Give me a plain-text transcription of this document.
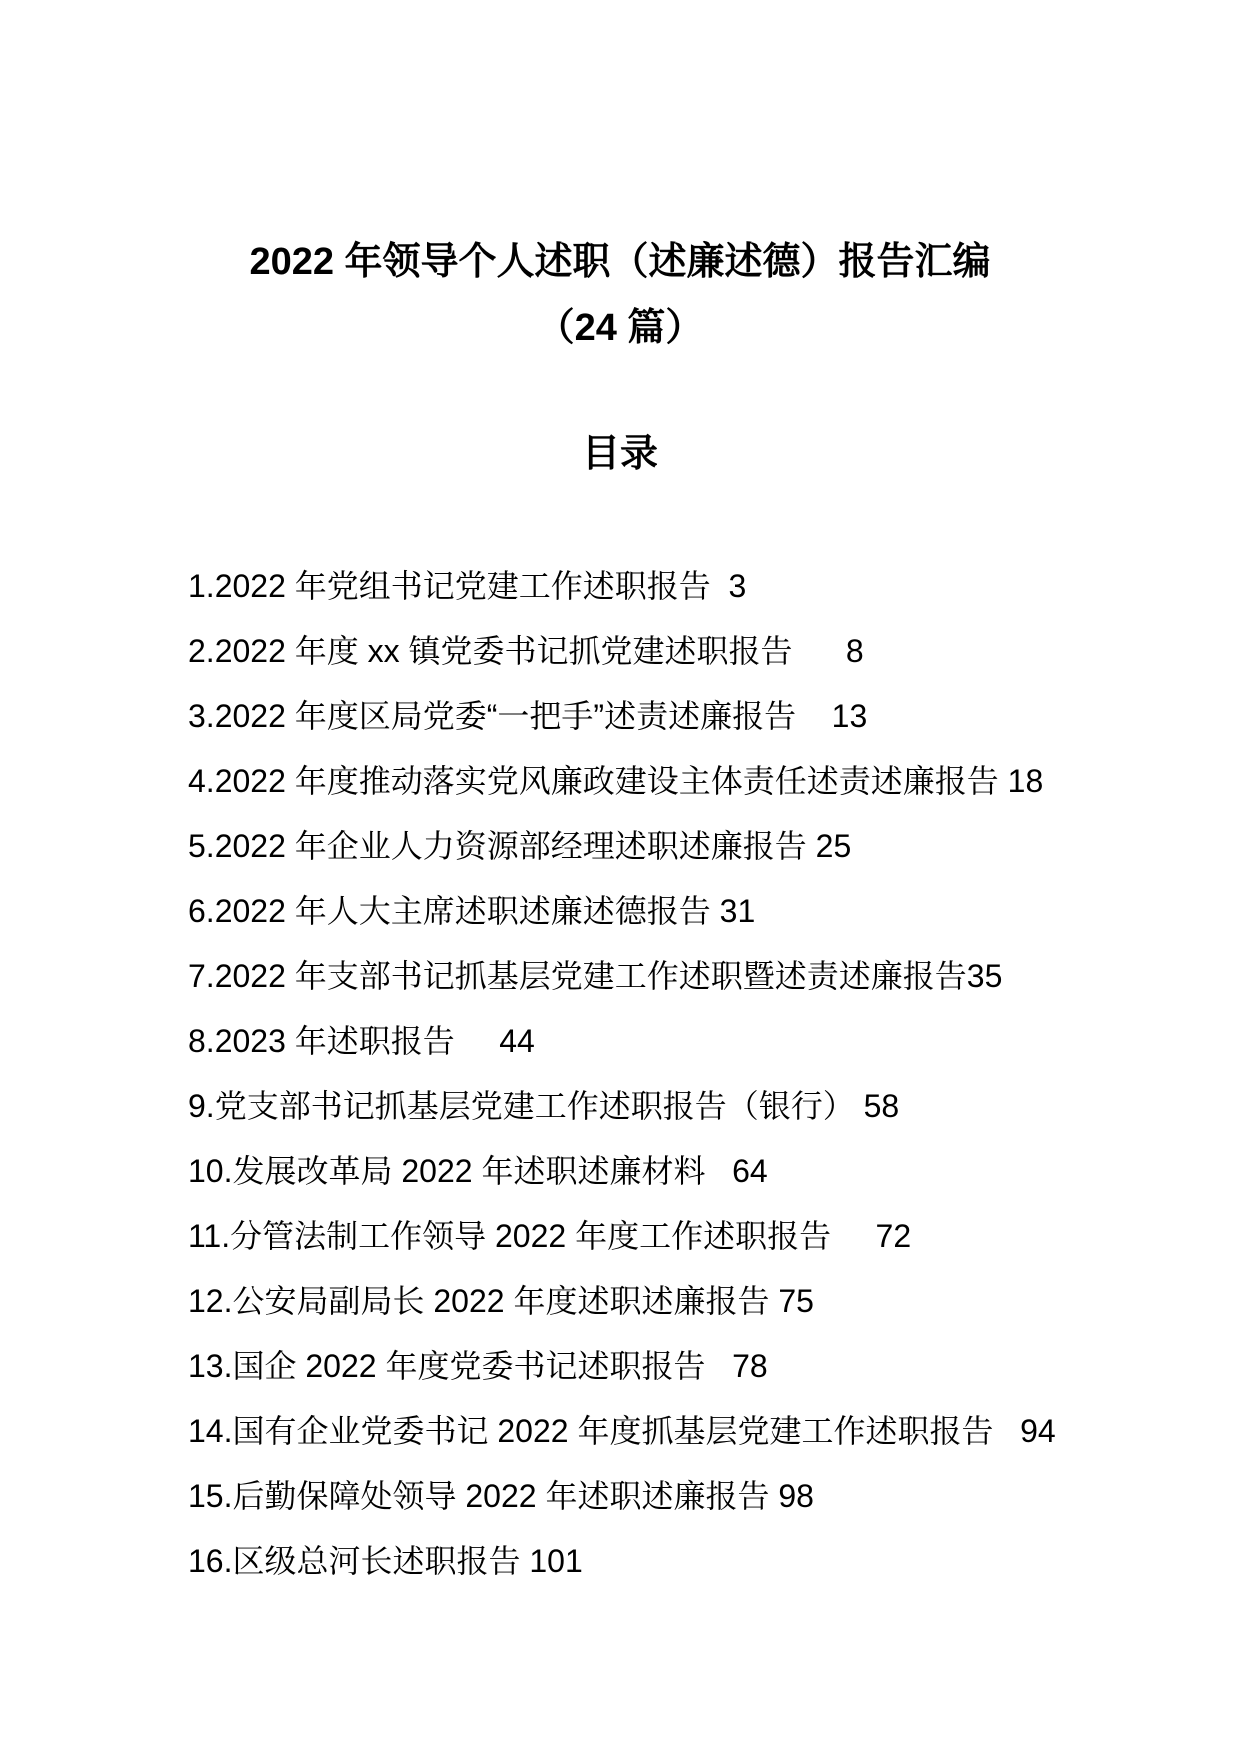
2022 年领导个人述职（述廉述德）报告汇编
（24 篇）
目录
1.2022 年党组书记党建工作述职报告  3
2.2022 年度 xx 镇党委书记抓党建述职报告      8
3.2022 年度区局党委“一把手”述责述廉报告    13
4.2022 年度推动落实党风廉政建设主体责任述责述廉报告 18
5.2022 年企业人力资源部经理述职述廉报告 25
6.2022 年人大主席述职述廉述德报告 31
7.2022 年支部书记抓基层党建工作述职暨述责述廉报告35
8.2023 年述职报告     44
9.党支部书记抓基层党建工作述职报告（银行） 58
10.发展改革局 2022 年述职述廉材料   64
11.分管法制工作领导 2022 年度工作述职报告     72
12.公安局副局长 2022 年度述职述廉报告 75
13.国企 2022 年度党委书记述职报告   78
14.国有企业党委书记 2022 年度抓基层党建工作述职报告   94
15.后勤保障处领导 2022 年述职述廉报告 98
16.区级总河长述职报告 101
